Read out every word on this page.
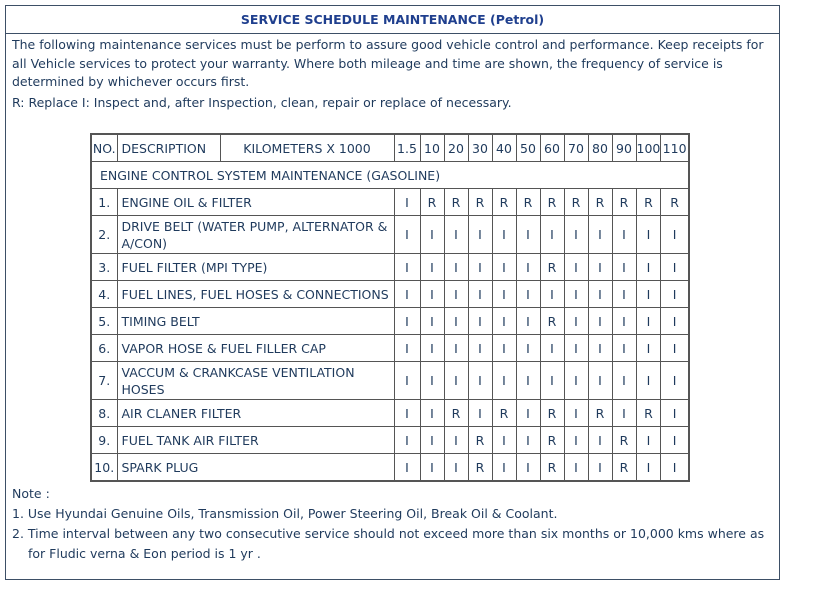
SERVICE SCHEDULE MAINTENANCE (Petrol)
The following maintenance services must be perform to assure good vehicle control and performance. Keep receipts for all Vehicle services to protect your warranty. Where both mileage and time are shown, the frequency of service is determined by whichever occurs first.
R: Replace I: Inspect and, after Inspection, clean, repair or replace of necessary.
NO.	DESCRIPTION	KILOMETERS X 1000	1.5	10	20	30	40	50	60	70	80	90	100	110
ENGINE CONTROL SYSTEM MAINTENANCE (GASOLINE)														
1.	ENGINE OIL & FILTER		I	R	R	R	R	R	R	R	R	R	R	R
2.	DRIVE BELT (WATER PUMP, ALTERNATOR & A/CON)		I	I	I	I	I	I	I	I	I	I	I	I
3.	FUEL FILTER (MPI TYPE)		I	I	I	I	I	I	R	I	I	I	I	I
4.	FUEL LINES, FUEL HOSES & CONNECTIONS		I	I	I	I	I	I	I	I	I	I	I	I
5.	TIMING BELT		I	I	I	I	I	I	R	I	I	I	I	I
6.	VAPOR HOSE & FUEL FILLER CAP		I	I	I	I	I	I	I	I	I	I	I	I
7.	VACCUM & CRANKCASE VENTILATION HOSES		I	I	I	I	I	I	I	I	I	I	I	I
8.	AIR CLANER FILTER		I	I	R	I	R	I	R	I	R	I	R	I
9.	FUEL TANK AIR FILTER		I	I	I	R	I	I	R	I	I	R	I	I
10.	SPARK PLUG		I	I	I	R	I	I	R	I	I	R	I	I
Note :
1. Use Hyundai Genuine Oils, Transmission Oil, Power Steering Oil, Break Oil & Coolant.
2. Time interval between any two consecutive service should not exceed more than six months or 10,000 kms where as
for Fludic verna & Eon period is 1 yr .
